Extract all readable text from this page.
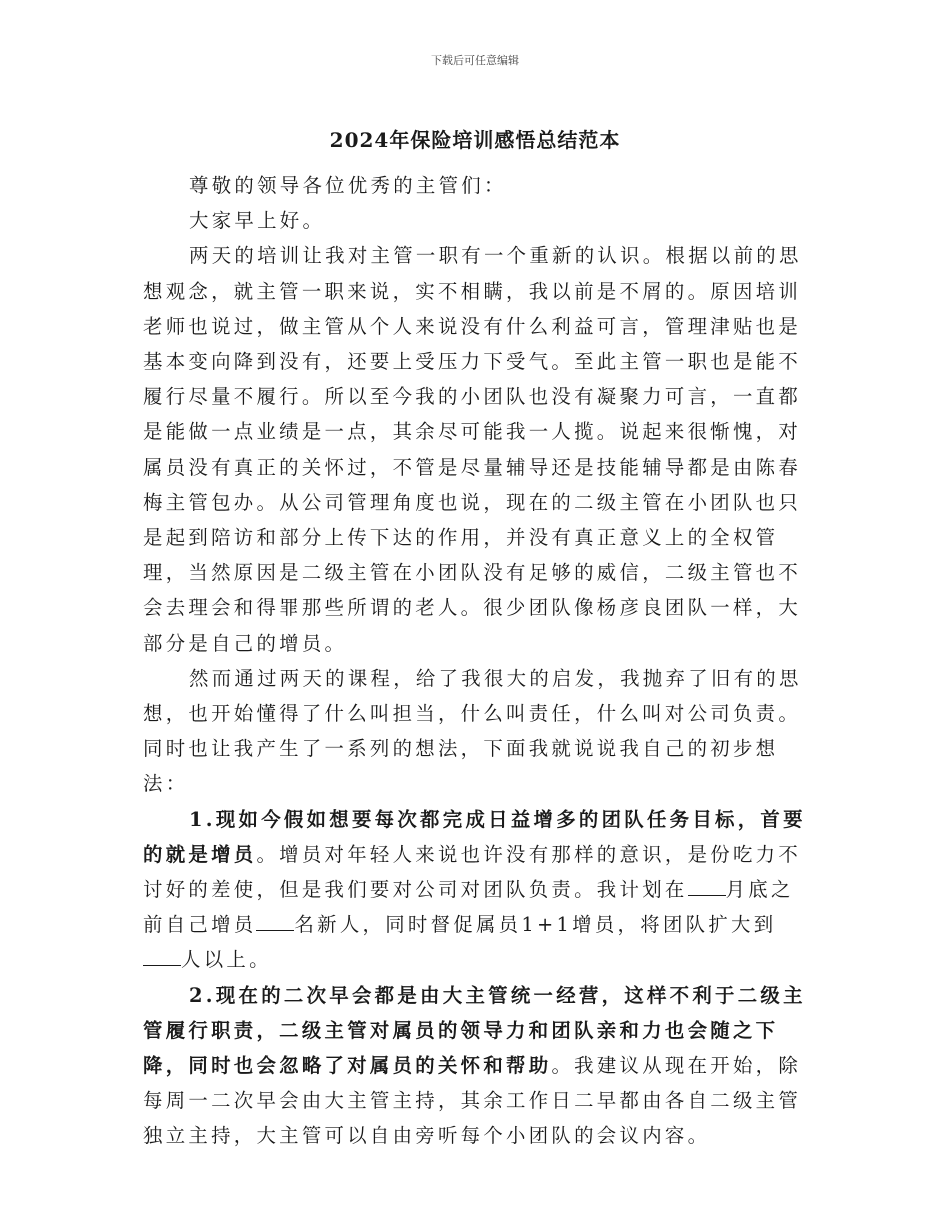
下载后可任意编辑
2024年保险培训感悟总结范本

尊敬的领导各位优秀的主管们：

大家早上好。

两天的培训让我对主管一职有一个重新的认识。根据以前的思想观念，就主管一职来说，实不相瞒，我以前是不屑的。原因培训老师也说过，做主管从个人来说没有什么利益可言，管理津贴也是基本变向降到没有，还要上受压力下受气。至此主管一职也是能不履行尽量不履行。所以至今我的小团队也没有凝聚力可言，一直都是能做一点业绩是一点，其余尽可能我一人揽。说起来很惭愧，对属员没有真正的关怀过，不管是尽量辅导还是技能辅导都是由陈春梅主管包办。从公司管理角度也说，现在的二级主管在小团队也只是起到陪访和部分上传下达的作用，并没有真正意义上的全权管理，当然原因是二级主管在小团队没有足够的威信，二级主管也不会去理会和得罪那些所谓的老人。很少团队像杨彦良团队一样，大部分是自己的增员。

然而通过两天的课程，给了我很大的启发，我抛弃了旧有的思想，也开始懂得了什么叫担当，什么叫责任，什么叫对公司负责。同时也让我产生了一系列的想法，下面我就说说我自己的初步想法：

1.现如今假如想要每次都完成日益增多的团队任务目标，首要的就是增员。增员对年轻人来说也许没有那样的意识，是份吃力不讨好的差使，但是我们要对公司对团队负责。我计划在 月底之前自己增员 名新人，同时督促属员1+1增员，将团队扩大到人以上。

2.现在的二次早会都是由大主管统一经营，这样不利于二级主管履行职责，二级主管对属员的领导力和团队亲和力也会随之下降，同时也会忽略了对属员的关怀和帮助。我建议从现在开始，除每周一二次早会由大主管主持，其余工作日二早都由各自二级主管独立主持，大主管可以自由旁听每个小团队的会议内容。
